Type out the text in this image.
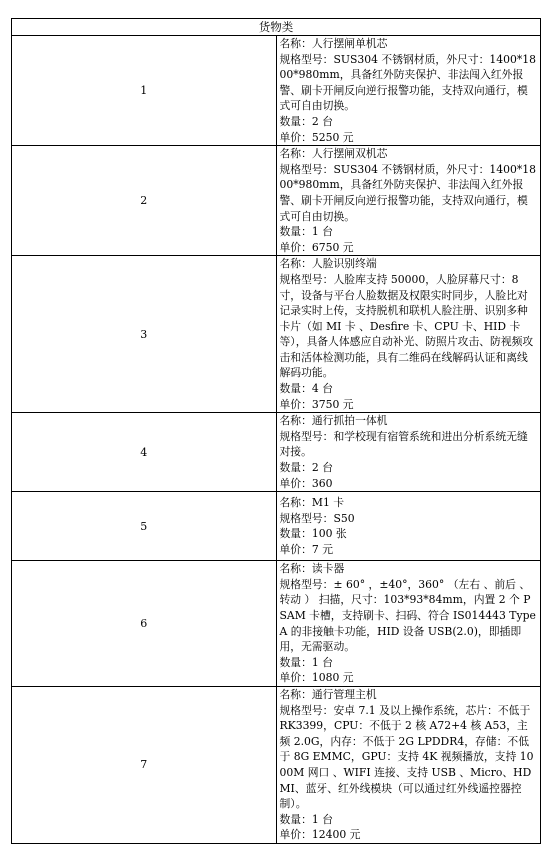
货物类	
1	名称：人行摆闸单机芯
规格型号：SUS304 不锈钢材质，外尺寸：1400*1800*980mm，具备红外防夹保护、非法闯入红外报警、刷卡开闸反向逆行报警功能，支持双向通行，模式可自由切换。
数量：2 台
单价：5250 元

2	名称：人行摆闸双机芯
规格型号：SUS304 不锈钢材质，外尺寸：1400*1800*980mm，具备红外防夹保护、非法闯入红外报警、刷卡开闸反向逆行报警功能，支持双向通行，模式可自由切换。
数量：1 台
单价：6750 元

3	名称：人脸识别终端
规格型号：人脸库支持 50000，人脸屏幕尺寸：8 寸，设备与平台人脸数据及权限实时同步，人脸比对记录实时上传，支持脱机和联机人脸注册、识别多种卡片（如 MI 卡 、Desfire 卡、CPU 卡、HID 卡等），具备人体感应自动补光、防照片攻击、防视频攻击和活体检测功能，具有二维码在线解码认证和离线解码功能。
数量：4 台
单价：3750 元

4	名称：通行抓拍一体机
规格型号：和学校现有宿管系统和进出分析系统无缝对接。
数量：2 台
单价：360

5	名称：M1 卡
规格型号：S50
数量：100 张
单价：7 元

6	名称：读卡器
规格型号：± 60° ，±40°，360° （左右 、前后 、转动 ） 扫描，尺寸：103*93*84mm，内置 2 个 PSAM 卡槽，支持刷卡、扫码、符合 IS014443 TypeA 的非接触卡功能，HID 设备 USB(2.0)，即插即用，无需驱动。
数量：1 台
单价：1080 元

7	名称：通行管理主机
规格型号：安卓 7.1 及以上操作系统，芯片：不低于 RK3399，CPU：不低于 2 核 A72+4 核 A53，主频 2.0G，内存：不低于 2G LPDDR4，存储：不低于 8G EMMC，GPU：支持 4K 视频播放，支持 1000M 网口 、WIFI 连接、支持 USB 、Micro、HDMI、蓝牙、红外线模块（可以通过红外线遥控器控制）。
数量：1 台
单价：12400 元
